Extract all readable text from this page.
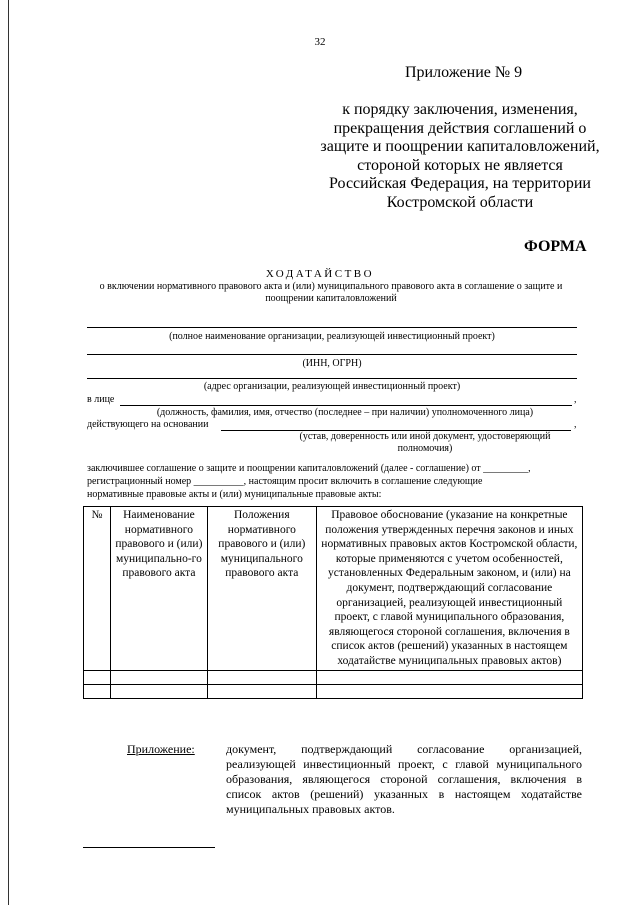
32
Приложение № 9
к порядку заключения, изменения, прекращения действия соглашений о защите и поощрении капиталовложений, стороной которых не является Российская Федерация, на территории Костромской области
ФОРМА
ХОДАТАЙСТВО
о включении нормативного правового акта и (или) муниципального правового акта в соглашение о защите и поощрении капиталовложений
(полное наименование организации, реализующей инвестиционный проект)
(ИНН, ОГРН)
(адрес организации, реализующей инвестиционный проект)
в лице	,
(должность, фамилия, имя, отчество (последнее – при наличии) уполномоченного лица)
действующего на основании	,
(устав, доверенность или иной документ, удостоверяющий полномочия)
заключившее соглашение о защите и поощрении капиталовложений (далее - соглашение) от _________,
регистрационный номер __________, настоящим просит включить в соглашение следующие
нормативные правовые акты и (или) муниципальные правовые акты:
№	Наименование нормативного правового и (или) муниципально-го правового акта	Положения нормативного правового и (или) муниципального правового акта	Правовое обоснование (указание на конкретные положения утвержденных перечня законов и иных нормативных правовых актов Костромской области, которые применяются с учетом особенностей, установленных Федеральным законом, и (или) на документ, подтверждающий согласование организацией, реализующей инвестиционный проект, с главой муниципального образования, являющегося стороной соглашения, включения в список актов (решений) указанных в настоящем ходатайстве муниципальных правовых актов)

Приложение:	документ, подтверждающий согласование организацией, реализующей инвестиционный проект, с главой муниципального образования, являющегося стороной соглашения, включения в список актов (решений) указанных в настоящем ходатайстве муниципальных правовых актов.
